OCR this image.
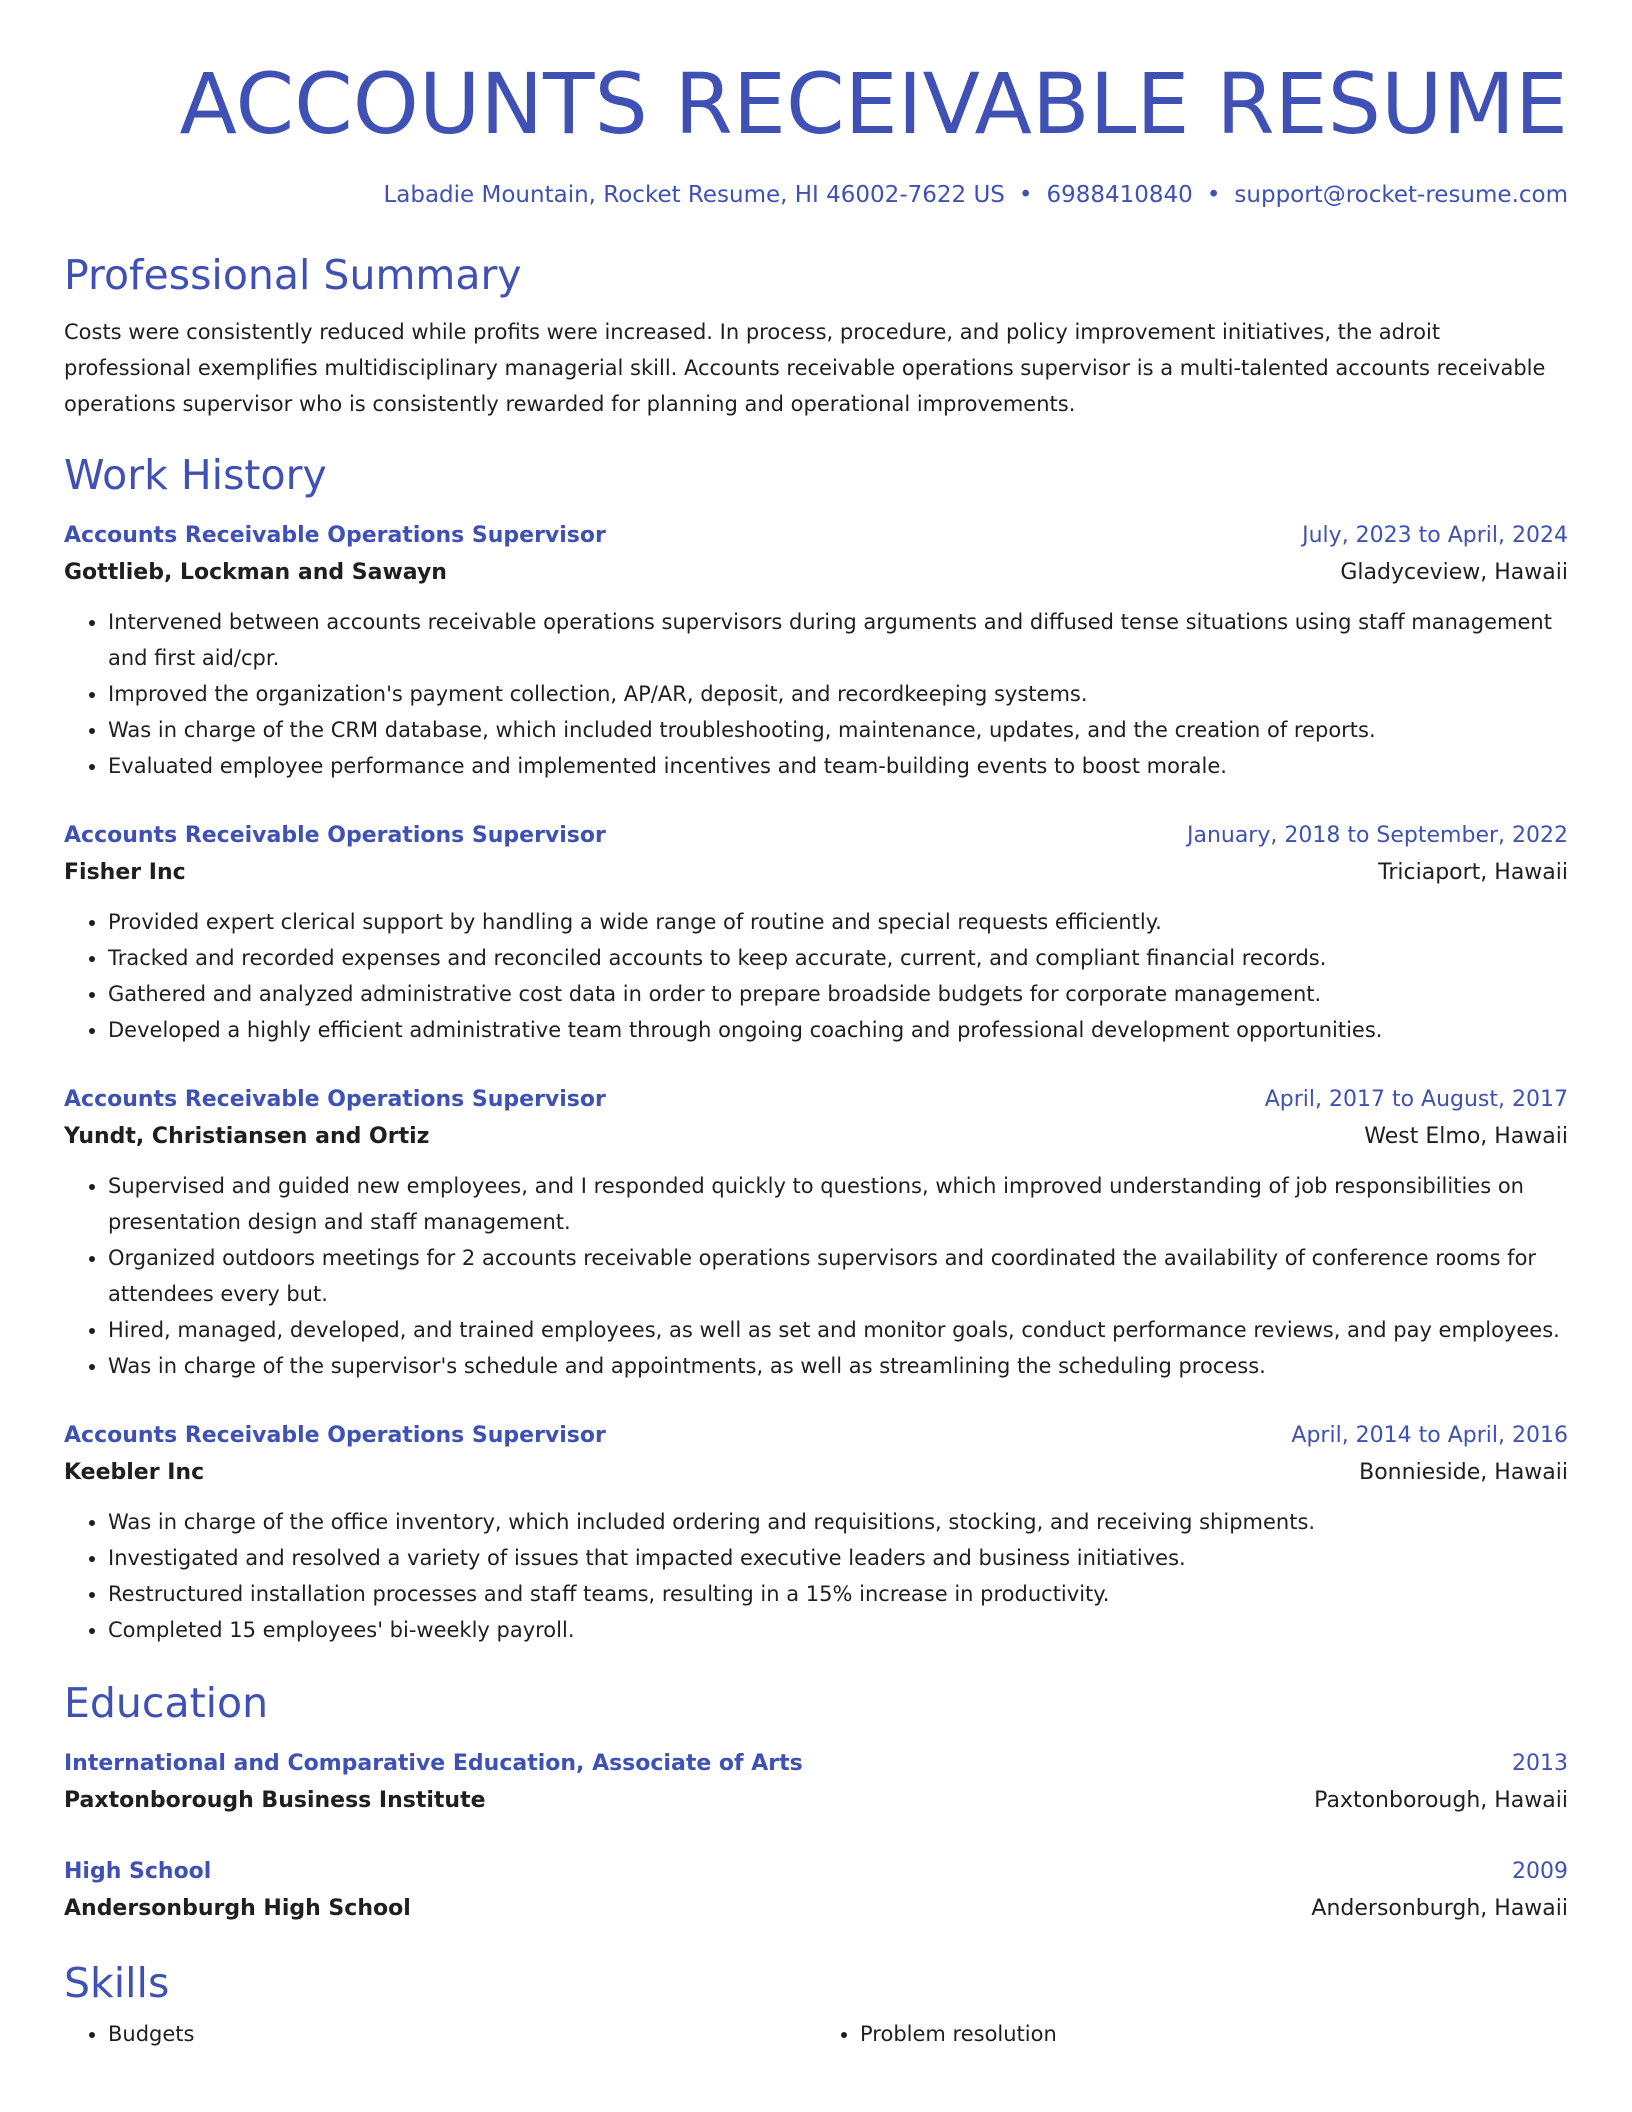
ACCOUNTS RECEIVABLE RESUME
Labadie Mountain, Rocket Resume, HI 46002-7622 US • 6988410840 • support@rocket-resume.com
Professional Summary
Costs were consistently reduced while profits were increased. In process, procedure, and policy improvement initiatives, the adroit professional exemplifies multidisciplinary managerial skill. Accounts receivable operations supervisor is a multi-talented accounts receivable operations supervisor who is consistently rewarded for planning and operational improvements.
Work History
Accounts Receivable Operations Supervisor	July, 2023 to April, 2024
Gottlieb, Lockman and Sawayn	Gladyceview, Hawaii
• Intervened between accounts receivable operations supervisors during arguments and diffused tense situations using staff management and first aid/cpr.
• Improved the organization's payment collection, AP/AR, deposit, and recordkeeping systems.
• Was in charge of the CRM database, which included troubleshooting, maintenance, updates, and the creation of reports.
• Evaluated employee performance and implemented incentives and team-building events to boost morale.
Accounts Receivable Operations Supervisor	January, 2018 to September, 2022
Fisher Inc	Triciaport, Hawaii
• Provided expert clerical support by handling a wide range of routine and special requests efficiently.
• Tracked and recorded expenses and reconciled accounts to keep accurate, current, and compliant financial records.
• Gathered and analyzed administrative cost data in order to prepare broadside budgets for corporate management.
• Developed a highly efficient administrative team through ongoing coaching and professional development opportunities.
Accounts Receivable Operations Supervisor	April, 2017 to August, 2017
Yundt, Christiansen and Ortiz	West Elmo, Hawaii
• Supervised and guided new employees, and I responded quickly to questions, which improved understanding of job responsibilities on presentation design and staff management.
• Organized outdoors meetings for 2 accounts receivable operations supervisors and coordinated the availability of conference rooms for attendees every but.
• Hired, managed, developed, and trained employees, as well as set and monitor goals, conduct performance reviews, and pay employees.
• Was in charge of the supervisor's schedule and appointments, as well as streamlining the scheduling process.
Accounts Receivable Operations Supervisor	April, 2014 to April, 2016
Keebler Inc	Bonnieside, Hawaii
• Was in charge of the office inventory, which included ordering and requisitions, stocking, and receiving shipments.
• Investigated and resolved a variety of issues that impacted executive leaders and business initiatives.
• Restructured installation processes and staff teams, resulting in a 15% increase in productivity.
• Completed 15 employees' bi-weekly payroll.
Education
International and Comparative Education, Associate of Arts	2013
Paxtonborough Business Institute	Paxtonborough, Hawaii
High School	2009
Andersonburgh High School	Andersonburgh, Hawaii
Skills
• Budgets
•	Problem resolution
